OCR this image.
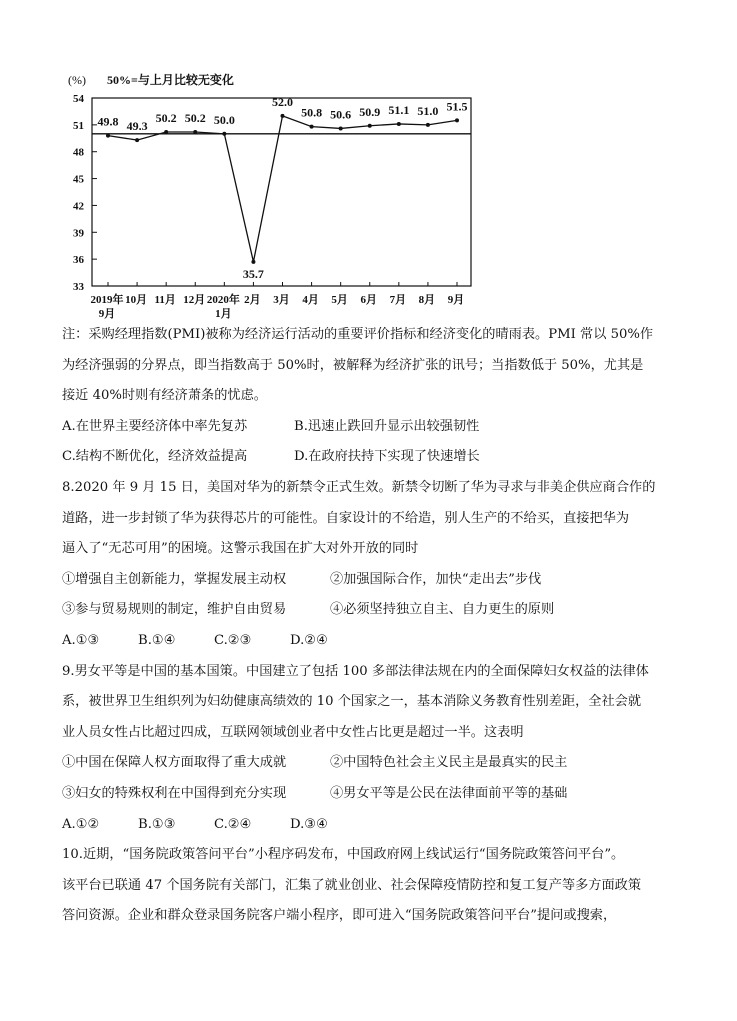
(%) 50%=与上月比较无变化
54
51
48
45
42
39
36
33
49.8
2019年
9月
49.3
10月
50.2
11月
50.2
12月
50.0
2020年
1月
35.7
2月
52.0
3月
50.8
4月
50.6
5月
50.9
6月
51.1
7月
51.0
8月
51.5
9月

注：采购经理指数(PMI)被称为经济运行活动的重要评价指标和经济变化的晴雨表。PMI 常以 50%作

为经济强弱的分界点，即当指数高于 50%时，被解释为经济扩张的讯号；当指数低于 50%，尤其是

接近 40%时则有经济萧条的忧虑。

A.在世界主要经济体中率先复苏	B.迅速止跌回升显示出较强韧性
C.结构不断优化，经济效益提高	D.在政府扶持下实现了快速增长

8.2020 年 9 月 15 日，美国对华为的新禁令正式生效。新禁令切断了华为寻求与非美企供应商合作的

道路，进一步封锁了华为获得芯片的可能性。自家设计的不给造，别人生产的不给买，直接把华为

逼入了“无芯可用”的困境。这警示我国在扩大对外开放的同时

①增强自主创新能力，掌握发展主动权	②加强国际合作，加快“走出去”步伐
③参与贸易规则的制定，维护自由贸易	④必须坚持独立自主、自力更生的原则
A.①③	B.①④	C.②③	D.②④

9.男女平等是中国的基本国策。中国建立了包括 100 多部法律法规在内的全面保障妇女权益的法律体

系，被世界卫生组织列为妇幼健康高绩效的 10 个国家之一，基本消除义务教育性别差距，全社会就

业人员女性占比超过四成，互联网领域创业者中女性占比更是超过一半。这表明

①中国在保障人权方面取得了重大成就	②中国特色社会主义民主是最真实的民主
③妇女的特殊权利在中国得到充分实现	④男女平等是公民在法律面前平等的基础
A.①②	B.①③	C.②④	D.③④

10.近期，“国务院政策答问平台”小程序码发布，中国政府网上线试运行“国务院政策答问平台”。

该平台已联通 47 个国务院有关部门，汇集了就业创业、社会保障疫情防控和复工复产等多方面政策

答问资源。企业和群众登录国务院客户端小程序，即可进入“国务院政策答问平台”提问或搜索，
